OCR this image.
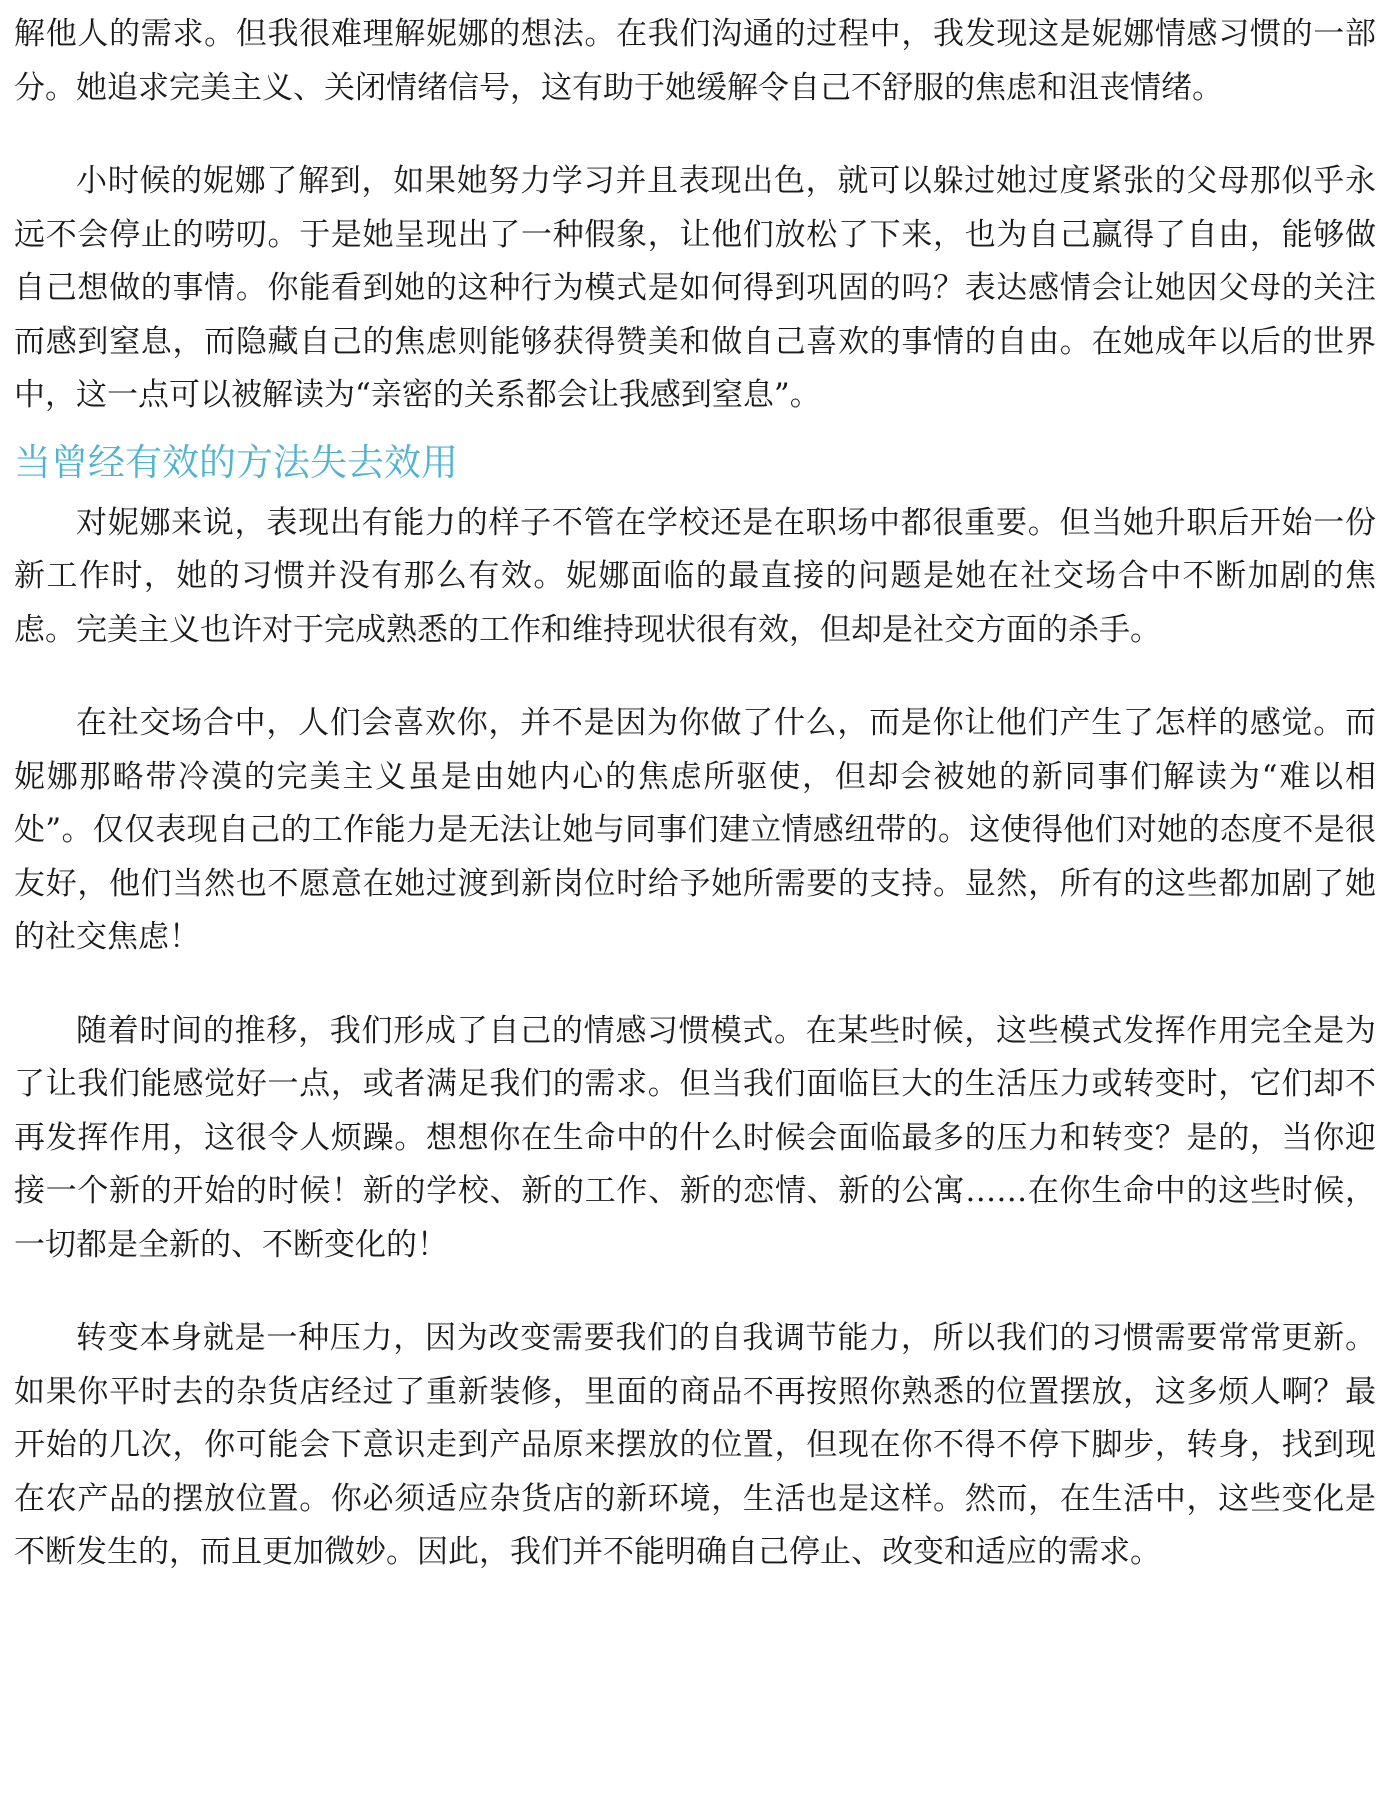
解他人的需求。但我很难理解妮娜的想法。在我们沟通的过程中，我发现这是妮娜情感习惯的一部分。她追求完美主义、关闭情绪信号，这有助于她缓解令自己不舒服的焦虑和沮丧情绪。

小时候的妮娜了解到，如果她努力学习并且表现出色，就可以躲过她过度紧张的父母那似乎永远不会停止的唠叨。于是她呈现出了一种假象，让他们放松了下来，也为自己赢得了自由，能够做自己想做的事情。你能看到她的这种行为模式是如何得到巩固的吗？表达感情会让她因父母的关注而感到窒息，而隐藏自己的焦虑则能够获得赞美和做自己喜欢的事情的自由。在她成年以后的世界中，这一点可以被解读为“亲密的关系都会让我感到窒息”。

当曾经有效的方法失去效用

对妮娜来说，表现出有能力的样子不管在学校还是在职场中都很重要。但当她升职后开始一份新工作时，她的习惯并没有那么有效。妮娜面临的最直接的问题是她在社交场合中不断加剧的焦虑。完美主义也许对于完成熟悉的工作和维持现状很有效，但却是社交方面的杀手。

在社交场合中，人们会喜欢你，并不是因为你做了什么，而是你让他们产生了怎样的感觉。而妮娜那略带冷漠的完美主义虽是由她内心的焦虑所驱使，但却会被她的新同事们解读为“难以相处”。仅仅表现自己的工作能力是无法让她与同事们建立情感纽带的。这使得他们对她的态度不是很友好，他们当然也不愿意在她过渡到新岗位时给予她所需要的支持。显然，所有的这些都加剧了她的社交焦虑！

随着时间的推移，我们形成了自己的情感习惯模式。在某些时候，这些模式发挥作用完全是为了让我们能感觉好一点，或者满足我们的需求。但当我们面临巨大的生活压力或转变时，它们却不再发挥作用，这很令人烦躁。想想你在生命中的什么时候会面临最多的压力和转变？是的，当你迎接一个新的开始的时候！新的学校、新的工作、新的恋情、新的公寓……在你生命中的这些时候，一切都是全新的、不断变化的！

转变本身就是一种压力，因为改变需要我们的自我调节能力，所以我们的习惯需要常常更新。如果你平时去的杂货店经过了重新装修，里面的商品不再按照你熟悉的位置摆放，这多烦人啊？最开始的几次，你可能会下意识走到产品原来摆放的位置，但现在你不得不停下脚步，转身，找到现在农产品的摆放位置。你必须适应杂货店的新环境，生活也是这样。然而，在生活中，这些变化是不断发生的，而且更加微妙。因此，我们并不能明确自己停止、改变和适应的需求。
